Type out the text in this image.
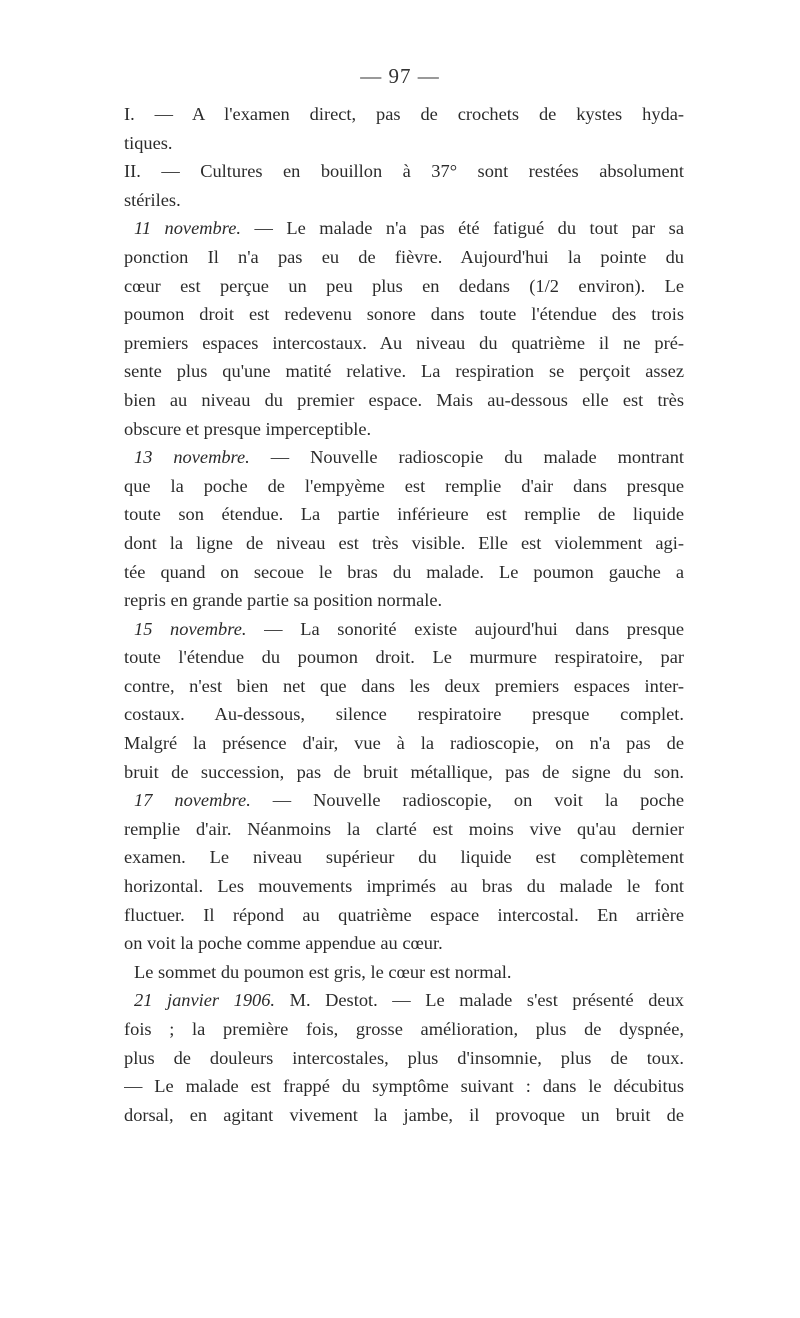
— 97 —
I. — A l'examen direct, pas de crochets de kystes hyda-
tiques.
II. — Cultures en bouillon à 37° sont restées absolument
stériles.
11 novembre. — Le malade n'a pas été fatigué du tout par sa
ponction Il n'a pas eu de fièvre. Aujourd'hui la pointe du
cœur est perçue un peu plus en dedans (1/2 environ). Le
poumon droit est redevenu sonore dans toute l'étendue des trois
premiers espaces intercostaux. Au niveau du quatrième il ne pré-
sente plus qu'une matité relative. La respiration se perçoit assez
bien au niveau du premier espace. Mais au-dessous elle est très
obscure et presque imperceptible.
13 novembre. — Nouvelle radioscopie du malade montrant
que la poche de l'empyème est remplie d'air dans presque
toute son étendue. La partie inférieure est remplie de liquide
dont la ligne de niveau est très visible. Elle est violemment agi-
tée quand on secoue le bras du malade. Le poumon gauche a
repris en grande partie sa position normale.
15 novembre. — La sonorité existe aujourd'hui dans presque
toute l'étendue du poumon droit. Le murmure respiratoire, par
contre, n'est bien net que dans les deux premiers espaces inter-
costaux. Au-dessous, silence respiratoire presque complet.
Malgré la présence d'air, vue à la radioscopie, on n'a pas de
bruit de succession, pas de bruit métallique, pas de signe du son.
17 novembre. — Nouvelle radioscopie, on voit la poche
remplie d'air. Néanmoins la clarté est moins vive qu'au dernier
examen. Le niveau supérieur du liquide est complètement
horizontal. Les mouvements imprimés au bras du malade le font
fluctuer. Il répond au quatrième espace intercostal. En arrière
on voit la poche comme appendue au cœur.
Le sommet du poumon est gris, le cœur est normal.
21 janvier 1906. M. Destot. — Le malade s'est présenté deux
fois ; la première fois, grosse amélioration, plus de dyspnée,
plus de douleurs intercostales, plus d'insomnie, plus de toux.
— Le malade est frappé du symptôme suivant : dans le décubitus
dorsal, en agitant vivement la jambe, il provoque un bruit de
